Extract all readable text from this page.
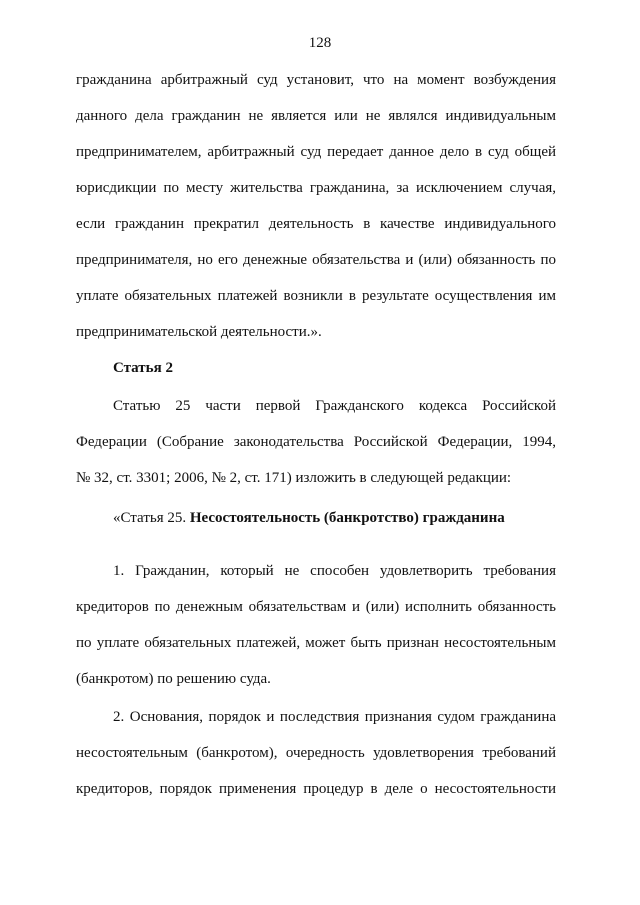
128
гражданина арбитражный суд установит, что на момент возбуждения
данного дела гражданин не является или не являлся индивидуальным
предпринимателем, арбитражный суд передает данное дело в суд общей
юрисдикции по месту жительства гражданина, за исключением случая,
если гражданин прекратил деятельность в качестве индивидуального
предпринимателя, но его денежные обязательства и (или) обязанность по
уплате обязательных платежей возникли в результате осуществления им
предпринимательской деятельности.».
Статья 2
Статью 25 части первой Гражданского кодекса Российской
Федерации (Собрание законодательства Российской Федерации, 1994,
№ 32, ст. 3301; 2006, № 2, ст. 171) изложить в следующей редакции:
«Статья 25. Несостоятельность (банкротство) гражданина
1. Гражданин, который не способен удовлетворить требования
кредиторов по денежным обязательствам и (или) исполнить обязанность
по уплате обязательных платежей, может быть признан несостоятельным
(банкротом) по решению суда.
2. Основания, порядок и последствия признания судом гражданина
несостоятельным (банкротом), очередность удовлетворения требований
кредиторов, порядок применения процедур в деле о несостоятельности
